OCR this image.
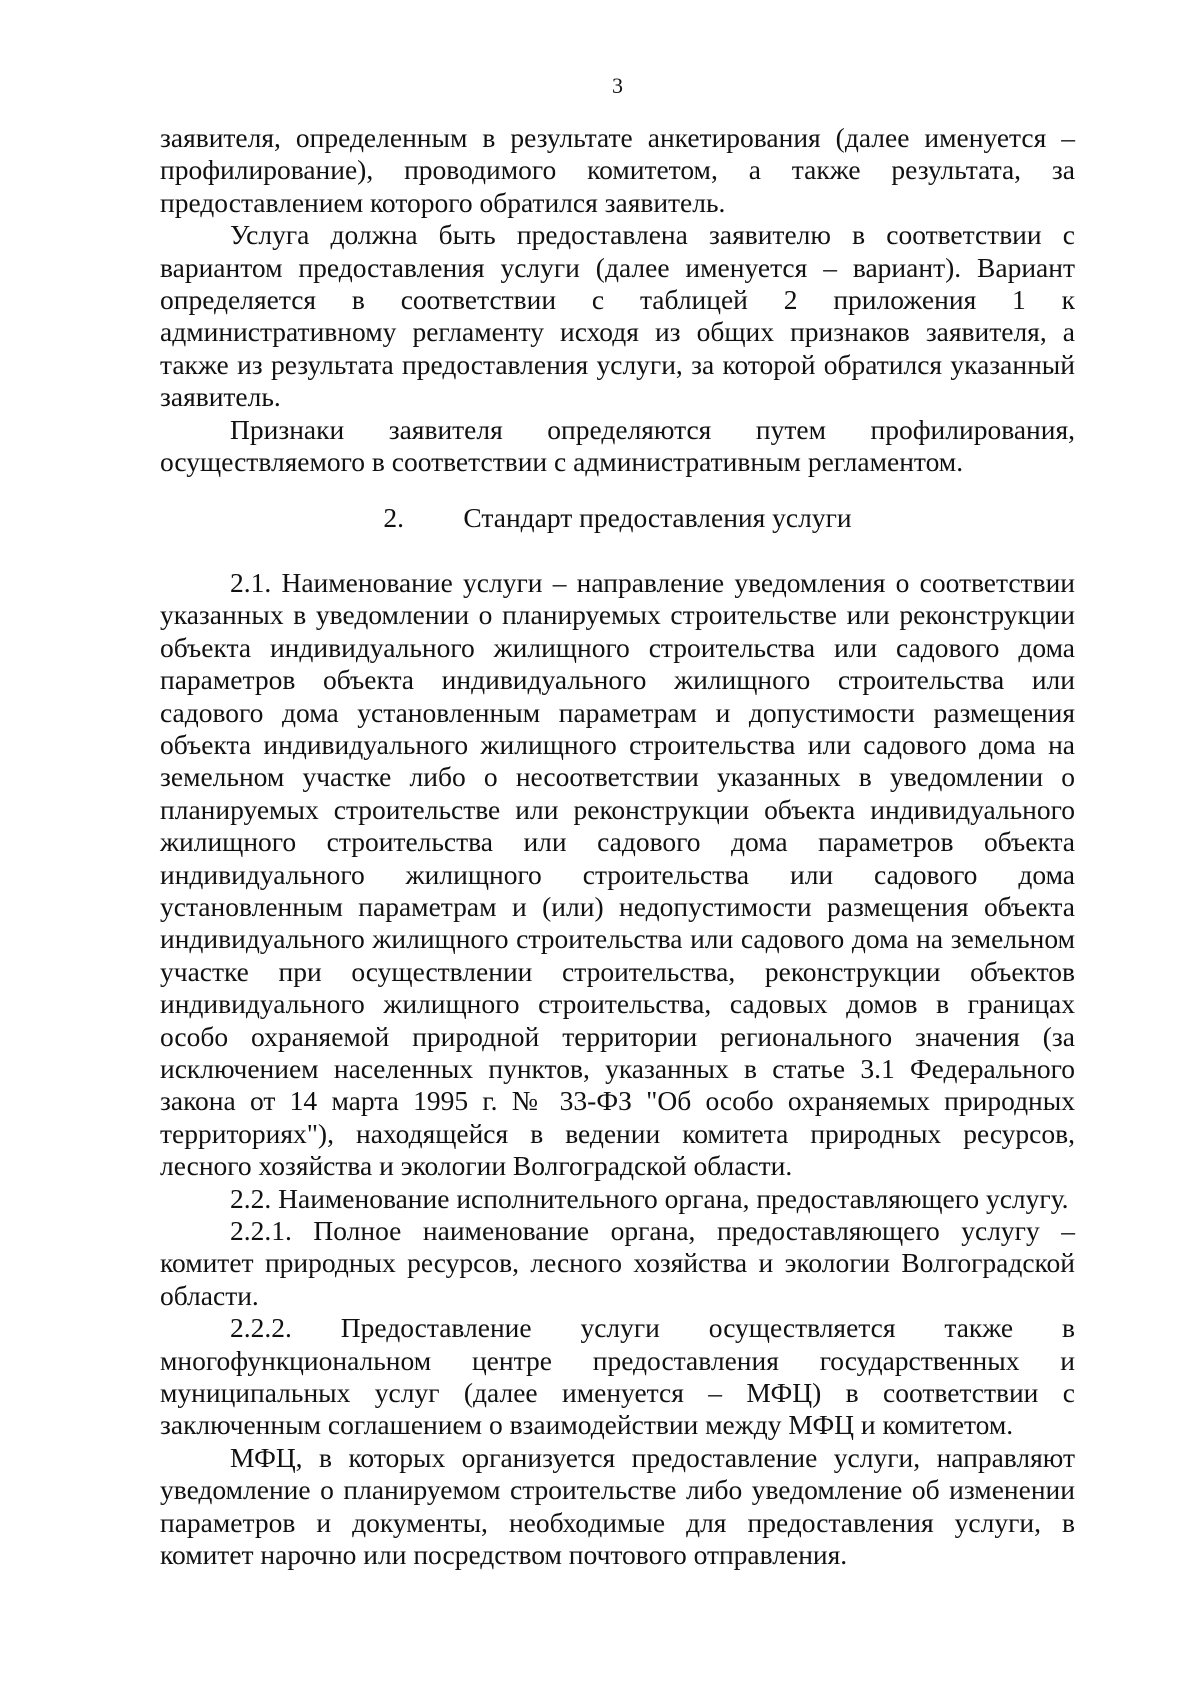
3

заявителя, определенным в результате анкетирования (далее именуется – профилирование), проводимого комитетом, а также результата, за предоставлением которого обратился заявитель.

Услуга должна быть предоставлена заявителю в соответствии с вариантом предоставления услуги (далее именуется – вариант). Вариант определяется в соответствии с таблицей 2 приложения 1 к административному регламенту исходя из общих признаков заявителя, а также из результата предоставления услуги, за которой обратился указанный заявитель.

Признаки заявителя определяются путем профилирования, осуществляемого в соответствии с административным регламентом.

2. Стандарт предоставления услуги

2.1. Наименование услуги – направление уведомления о соответствии указанных в уведомлении о планируемых строительстве или реконструкции объекта индивидуального жилищного строительства или садового дома параметров объекта индивидуального жилищного строительства или садового дома установленным параметрам и допустимости размещения объекта индивидуального жилищного строительства или садового дома на земельном участке либо о несоответствии указанных в уведомлении о планируемых строительстве или реконструкции объекта индивидуального жилищного строительства или садового дома параметров объекта индивидуального жилищного строительства или садового дома установленным параметрам и (или) недопустимости размещения объекта индивидуального жилищного строительства или садового дома на земельном участке при осуществлении строительства, реконструкции объектов индивидуального жилищного строительства, садовых домов в границах особо охраняемой природной территории регионального значения (за исключением населенных пунктов, указанных в статье 3.1 Федерального закона от 14 марта 1995 г. № 33-ФЗ "Об особо охраняемых природных территориях"), находящейся в ведении комитета природных ресурсов, лесного хозяйства и экологии Волгоградской области.

2.2. Наименование исполнительного органа, предоставляющего услугу.

2.2.1. Полное наименование органа, предоставляющего услугу – комитет природных ресурсов, лесного хозяйства и экологии Волгоградской области.

2.2.2. Предоставление услуги осуществляется также в многофункциональном центре предоставления государственных и муниципальных услуг (далее именуется – МФЦ) в соответствии с заключенным соглашением о взаимодействии между МФЦ и комитетом.

МФЦ, в которых организуется предоставление услуги, направляют уведомление о планируемом строительстве либо уведомление об изменении параметров и документы, необходимые для предоставления услуги, в комитет нарочно или посредством почтового отправления.
